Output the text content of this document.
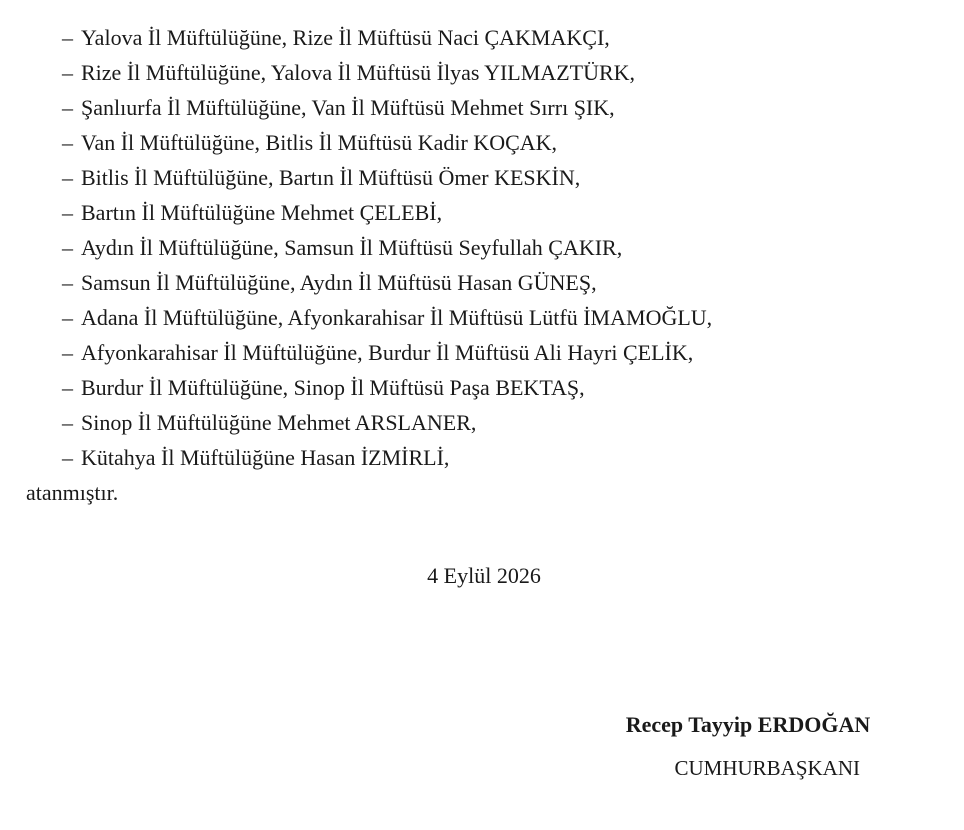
– Yalova İl Müftülüğüne, Rize İl Müftüsü Naci ÇAKMAKÇI,
– Rize İl Müftülüğüne, Yalova İl Müftüsü İlyas YILMAZTÜRK,
– Şanlıurfa İl Müftülüğüne, Van İl Müftüsü Mehmet Sırrı ŞIK,
– Van İl Müftülüğüne, Bitlis İl Müftüsü Kadir KOÇAK,
– Bitlis İl Müftülüğüne, Bartın İl Müftüsü Ömer KESKİN,
– Bartın İl Müftülüğüne Mehmet ÇELEBİ,
– Aydın İl Müftülüğüne, Samsun İl Müftüsü Seyfullah ÇAKIR,
– Samsun İl Müftülüğüne, Aydın İl Müftüsü Hasan GÜNEŞ,
– Adana İl Müftülüğüne, Afyonkarahisar İl Müftüsü Lütfü İMAMOĞLU,
– Afyonkarahisar İl Müftülüğüne, Burdur İl Müftüsü Ali Hayri ÇELİK,
– Burdur İl Müftülüğüne, Sinop İl Müftüsü Paşa BEKTAŞ,
– Sinop İl Müftülüğüne Mehmet ARSLANER,
– Kütahya İl Müftülüğüne Hasan İZMİRLİ,
atanmıştır.
4 Eylül 2026
Recep Tayyip ERDOĞAN
CUMHURBAŞKANI
